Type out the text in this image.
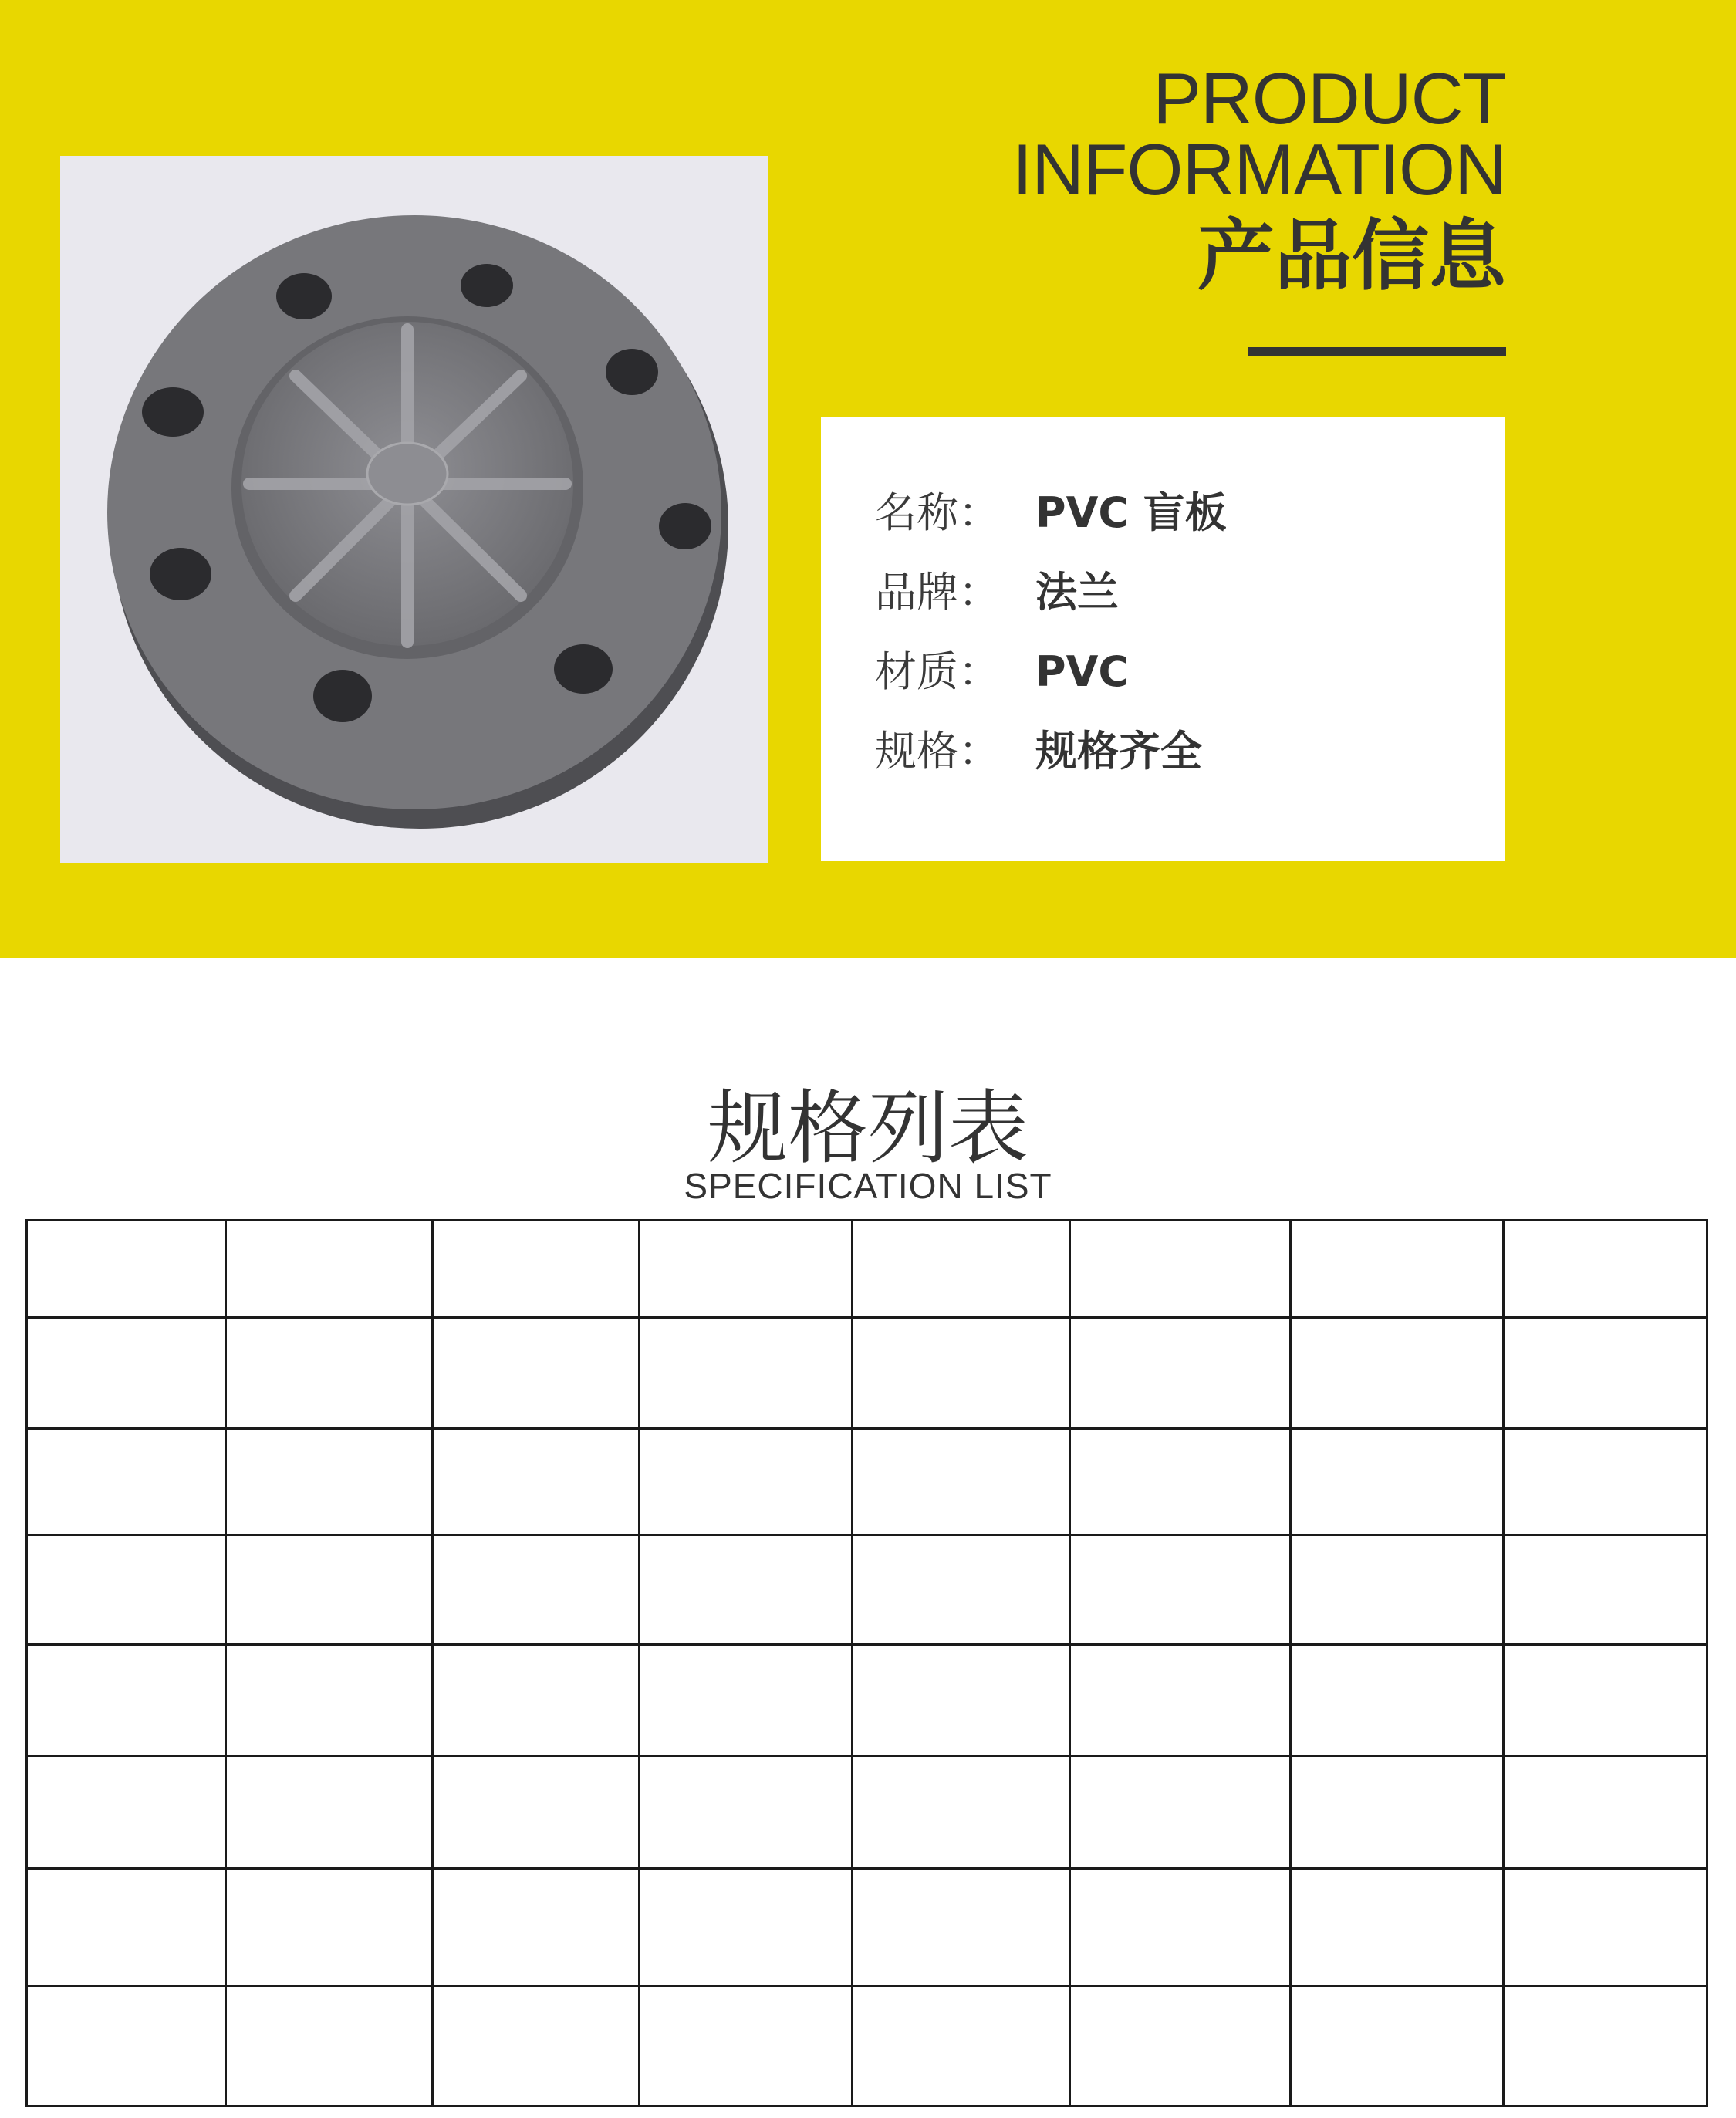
PRODUCT
INFORMATION
产品信息
名称： PVC 盲板
品牌： 法兰
材质： PVC
规格： 规格齐全
规格列表
SPECIFICATION LIST
